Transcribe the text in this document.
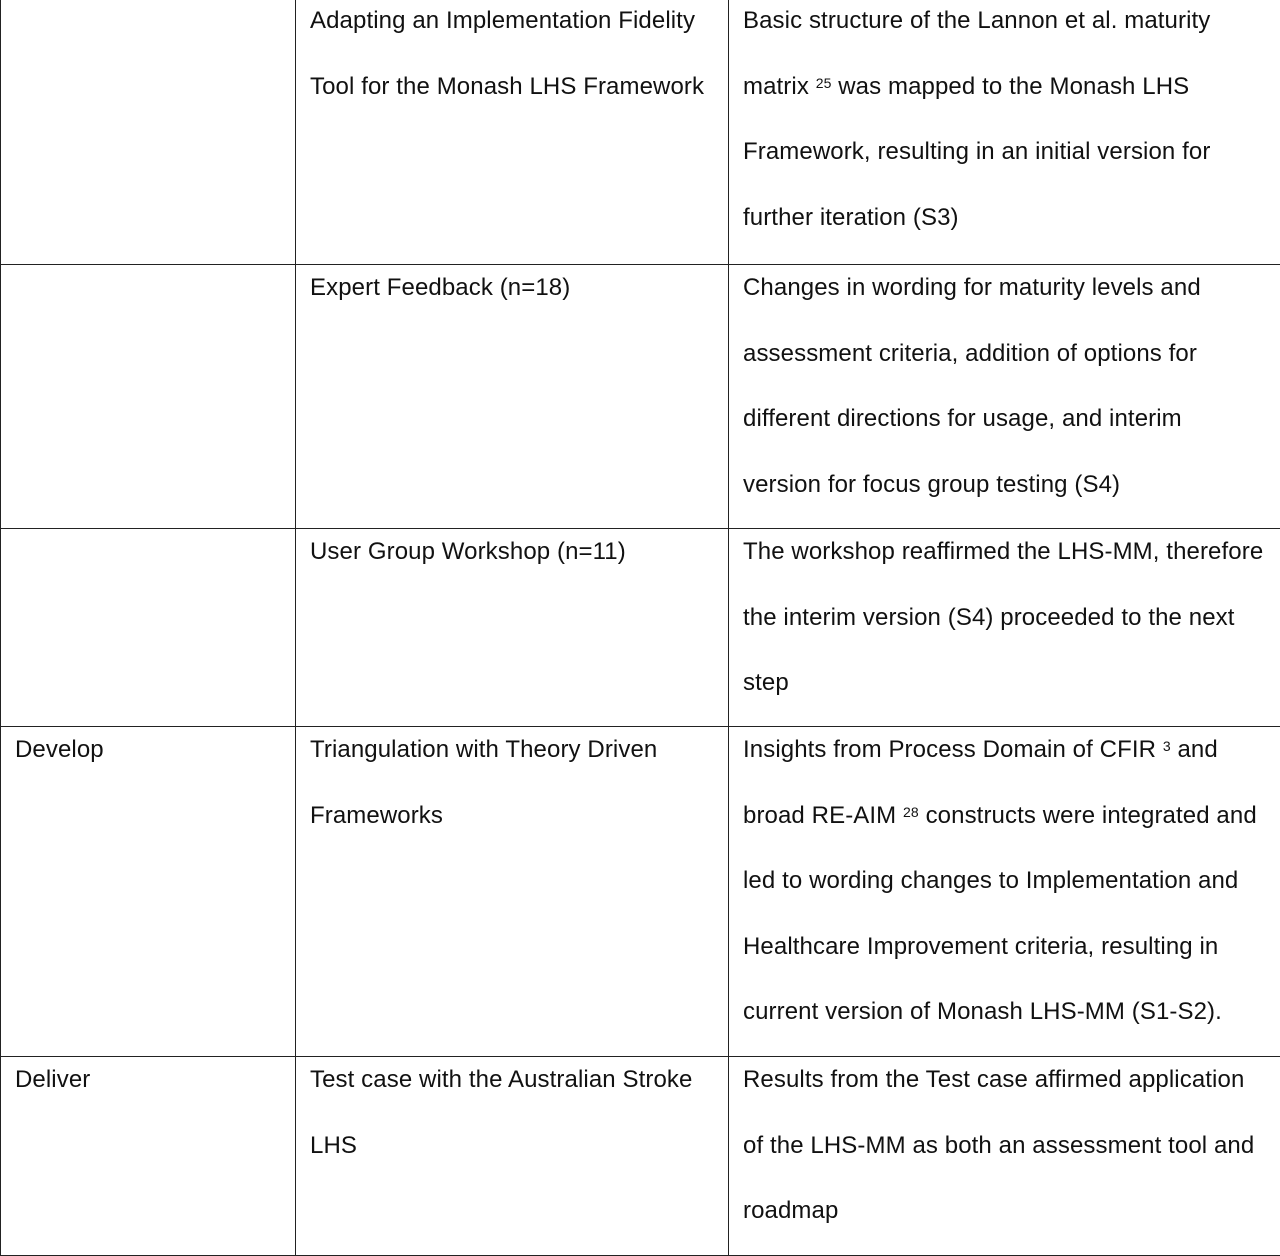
	Adapting an Implementation Fidelity Tool for the Monash LHS Framework	Basic structure of the Lannon et al. maturity matrix $^{25}$ was mapped to the Monash LHS Framework, resulting in an initial version for further iteration (S3)

	Expert Feedback (n=18)	Changes in wording for maturity levels and assessment criteria, addition of options for different directions for usage, and interim version for focus group testing (S4)

	User Group Workshop (n=11)	The workshop reaffirmed the LHS-MM, therefore the interim version (S4) proceeded to the next step

Develop	Triangulation with Theory Driven Frameworks	Insights from Process Domain of CFIR $^3$ and broad RE-AIM $^{28}$ constructs were integrated and led to wording changes to Implementation and Healthcare Improvement criteria, resulting in current version of Monash LHS-MM (S1-S2).

Deliver	Test case with the Australian Stroke LHS	Results from the Test case affirmed application of the LHS-MM as both an assessment tool and roadmap
